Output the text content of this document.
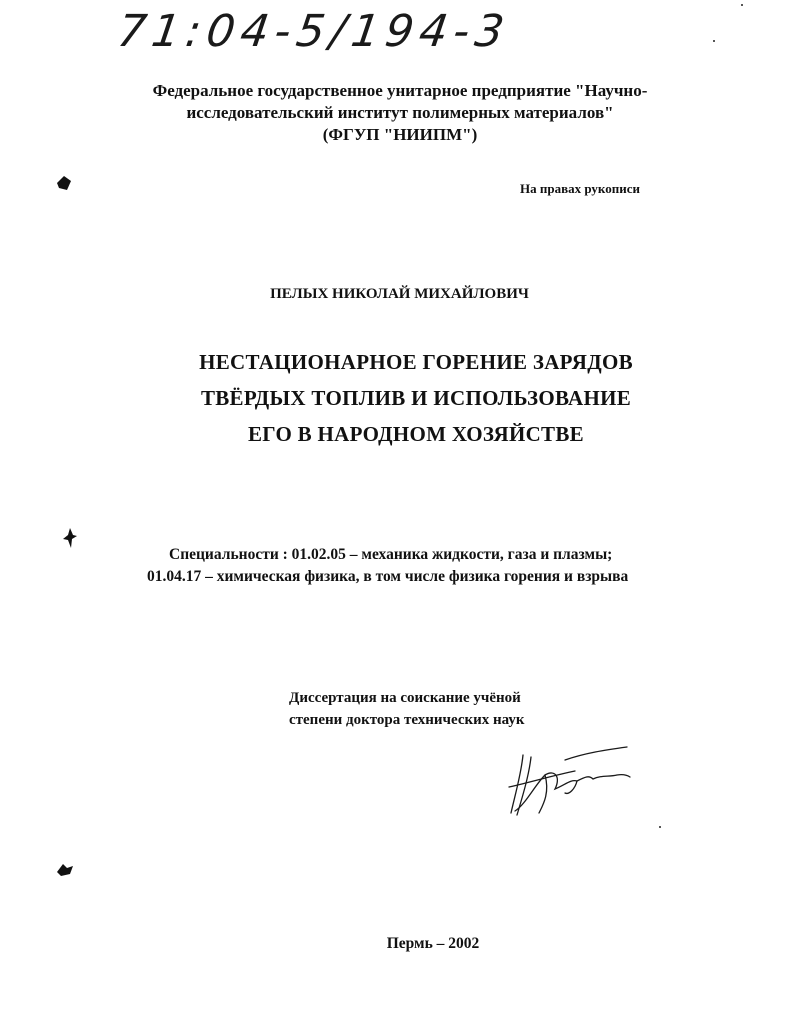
71:04-5/194-3
Федеральное государственное унитарное предприятие "Научно-
исследовательский институт полимерных материалов"
(ФГУП "НИИПМ")
На правах рукописи
ПЕЛЫХ НИКОЛАЙ МИХАЙЛОВИЧ
НЕСТАЦИОНАРНОЕ ГОРЕНИЕ ЗАРЯДОВ
ТВЁРДЫХ ТОПЛИВ И ИСПОЛЬЗОВАНИЕ
ЕГО В НАРОДНОМ ХОЗЯЙСТВЕ
Специальности : 01.02.05 – механика жидкости, газа и плазмы;
01.04.17 – химическая физика, в том числе физика горения и взрыва
Диссертация на соискание учёной
степени доктора технических наук
Пермь – 2002
